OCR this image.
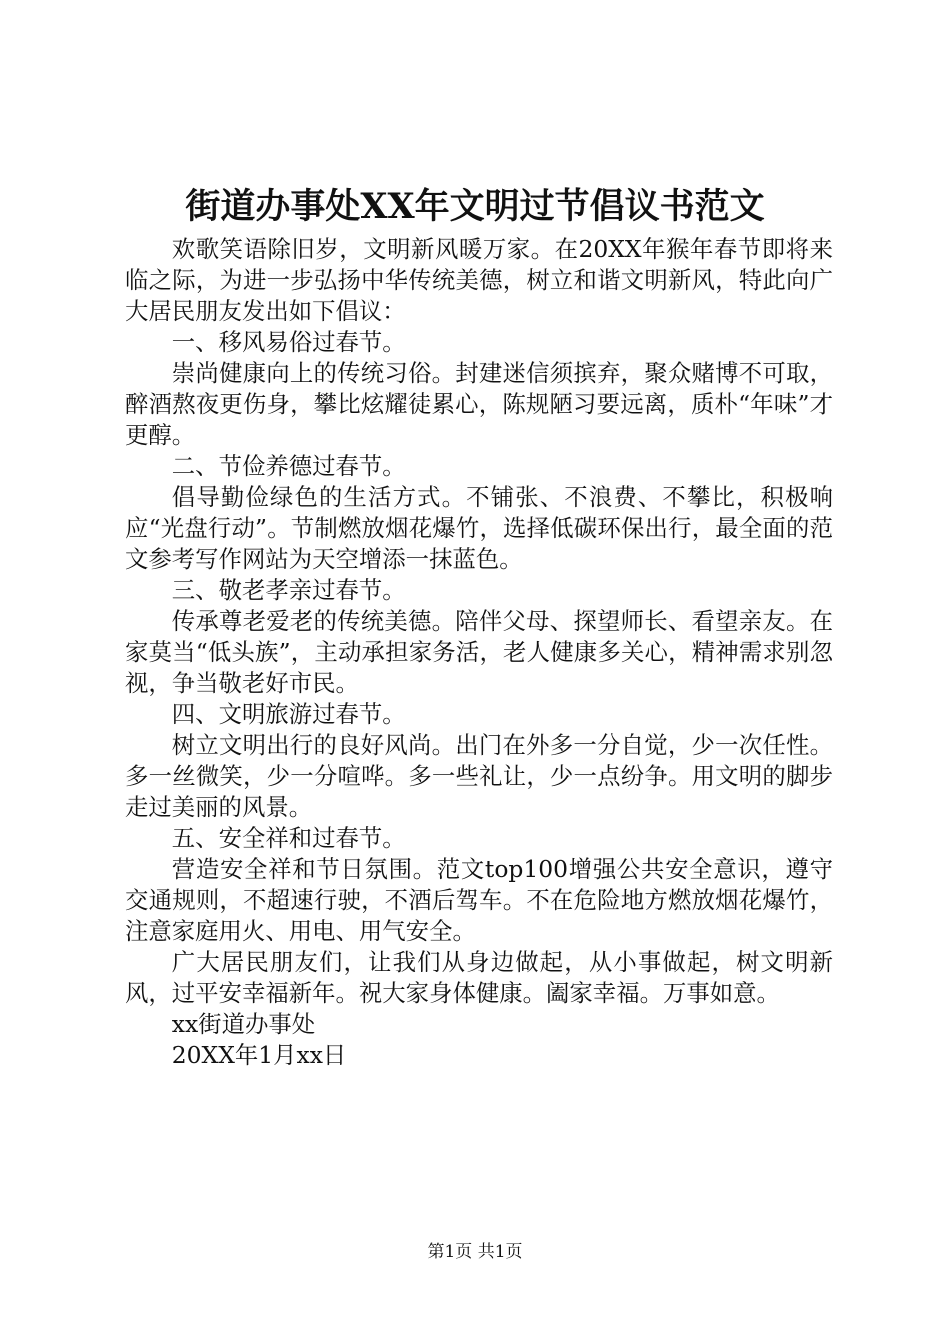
街道办事处XX年文明过节倡议书范文

欢歌笑语除旧岁，文明新风暖万家。在20XX年猴年春节即将来临之际，为进一步弘扬中华传统美德，树立和谐文明新风，特此向广大居民朋友发出如下倡议：

一、移风易俗过春节。

崇尚健康向上的传统习俗。封建迷信须摈弃，聚众赌博不可取，醉酒熬夜更伤身，攀比炫耀徒累心，陈规陋习要远离，质朴“年味”才更醇。

二、节俭养德过春节。

倡导勤俭绿色的生活方式。不铺张、不浪费、不攀比，积极响应“光盘行动”。节制燃放烟花爆竹，选择低碳环保出行，最全面的范文参考写作网站为天空增添一抹蓝色。

三、敬老孝亲过春节。

传承尊老爱老的传统美德。陪伴父母、探望师长、看望亲友。在家莫当“低头族”，主动承担家务活，老人健康多关心，精神需求别忽视，争当敬老好市民。

四、文明旅游过春节。

树立文明出行的良好风尚。出门在外多一分自觉，少一次任性。多一丝微笑，少一分喧哗。多一些礼让，少一点纷争。用文明的脚步走过美丽的风景。

五、安全祥和过春节。

营造安全祥和节日氛围。范文top100增强公共安全意识，遵守交通规则，不超速行驶，不酒后驾车。不在危险地方燃放烟花爆竹，注意家庭用火、用电、用气安全。

广大居民朋友们，让我们从身边做起，从小事做起，树文明新风，过平安幸福新年。祝大家身体健康。阖家幸福。万事如意。

xx街道办事处

20XX年1月xx日

第1页 共1页
